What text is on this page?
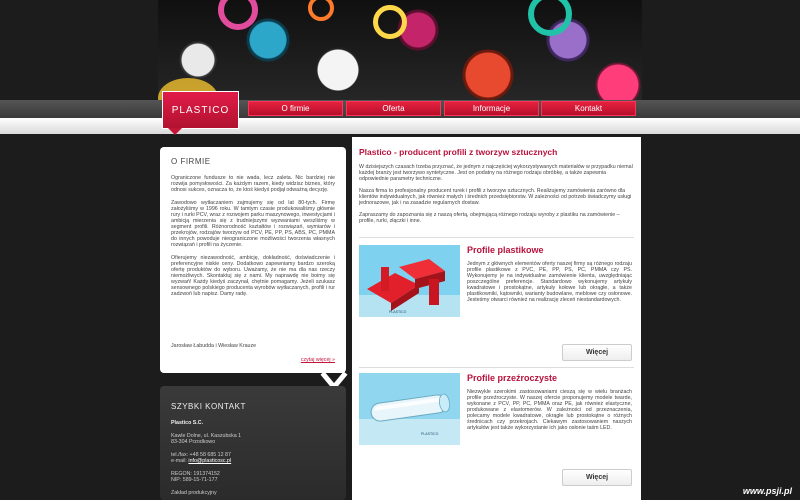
PLASTICO	O firmie	Oferta	Informacje	Kontakt
O FIRMIE

Ograniczone fundusze to nie wada, lecz zaleta. Nic bardziej nie rozwija pomysłowości. Za każdym razem, kiedy widzisz biznes, który odnosi sukces, oznacza to, że ktoś kiedyś podjął odważną decyzję.

Zawodowo wytłaczaniem zajmujemy się od lat 80-tych. Firmę założyliśmy w 1996 roku. W tamtym czasie produkowaliśmy głównie rury i rurki PCV, wraz z rozwojem parku maszynowego, inwestycjami i ambicją mierzenia się z trudniejszymi wyzwaniami weszliśmy w segment profili. Różnorodność kształtów i rozwiązań, wymiarów i przekrojów, rodzajów tworzyw od PCV, PE, PP, PS, ABS, PC, PMMA do innych powoduje nieograniczone możliwości tworzenia własnych rozwiązań i profili na życzenie.

Ofierujemy niezawodność, ambicję, dokładność, doświadczenie i preferencyjne niskie ceny. Dodatkowo zapewniamy bardzo szeroką ofertę produktów do wyboru. Uważamy, że nie ma dla nas rzeczy niemożliwych. Skontaktuj się z nami. My naprawdę nie boimy się wyzwań! Każdy kiedyś zaczynał, chętnie pomagamy. Jeżeli szukasz sensownego polskiego producenta wyrobów wytłaczanych, profili i rur zadzwoń lub napisz. Damy radę.

Jarosław Łabudda i Wiesław Krauze
czytaj więcej »
SZYBKI KONTAKT
Plastico S.C.
Kawle Dolne, ul. Kaszubska 1
83-304 Przodkowo
tel./fax: +48 58 685 12 87
e-mail: info@plasticosc.pl
REGON: 191374152
NIP: 589-15-71-177
Zakład produkcyjny
Plastico - producent profili z tworzyw sztucznych

W dzisiejszych czasach trzeba przyznać, że jednym z najczęściej wykorzystywanych materiałów w przypadku niemal każdej branży jest tworzywo syntetyczne. Jest on podatny na różnego rodzaju obróbkę, a także zapewnia odpowiednie parametry techniczne.

Nasza firma to profesjonalny producent rurek i profili z tworzyw sztucznych. Realizujemy zamówienia zarówno dla klientów indywidualnych, jak również małych i średnich przedsiębiorstw. W zależności od potrzeb świadczymy usługi jednorazowe, jak i na zasadzie regularnych dostaw.

Zapraszamy do zapoznania się z naszą ofertą, obejmującą różnego rodzaju wyroby z plastiku na zamówienie – profile, rurki, złączki i inne.

PLASTICO
Profile plastikowe

Jednym z głównych elementów oferty naszej firmy są różnego rodzaju profile plastikowe z PVC, PE, PP, PS, PC, PMMA czy PS. Wykonujemy je na indywidualne zamówienie klienta, uwzględniając poszczególne preferencje. Standardowo wykonujemy artykuły kwadratowe i prostokątne, artykuły kołowe lub okrągłe, a także plastikowniki, kątowniki, warianty budowlane, meblowe czy osłonowe. Jesteśmy otwarci również na realizację zleceń niestandardowych.

Więcej
PLASTICO
Profile przeźroczyste

Niezwykle szerokimi zastosowaniami cieszą się w wielu branżach profile przeźroczyste. W naszej ofercie proponujemy modele twarde, wykonane z PCV, PP, PC, PMMA oraz PE, jak również elastyczne, produkowane z elastomerów. W zależności od przeznaczenia, polecamy modele kwadratowe, okrągłe lub prostokątne o różnych średnicach czy przekrojach. Ciekawym zastosowaniem naszych artykułów jest także wykorzystanie ich jako osłonie taśm LED.

Więcej
www.psji.pl
